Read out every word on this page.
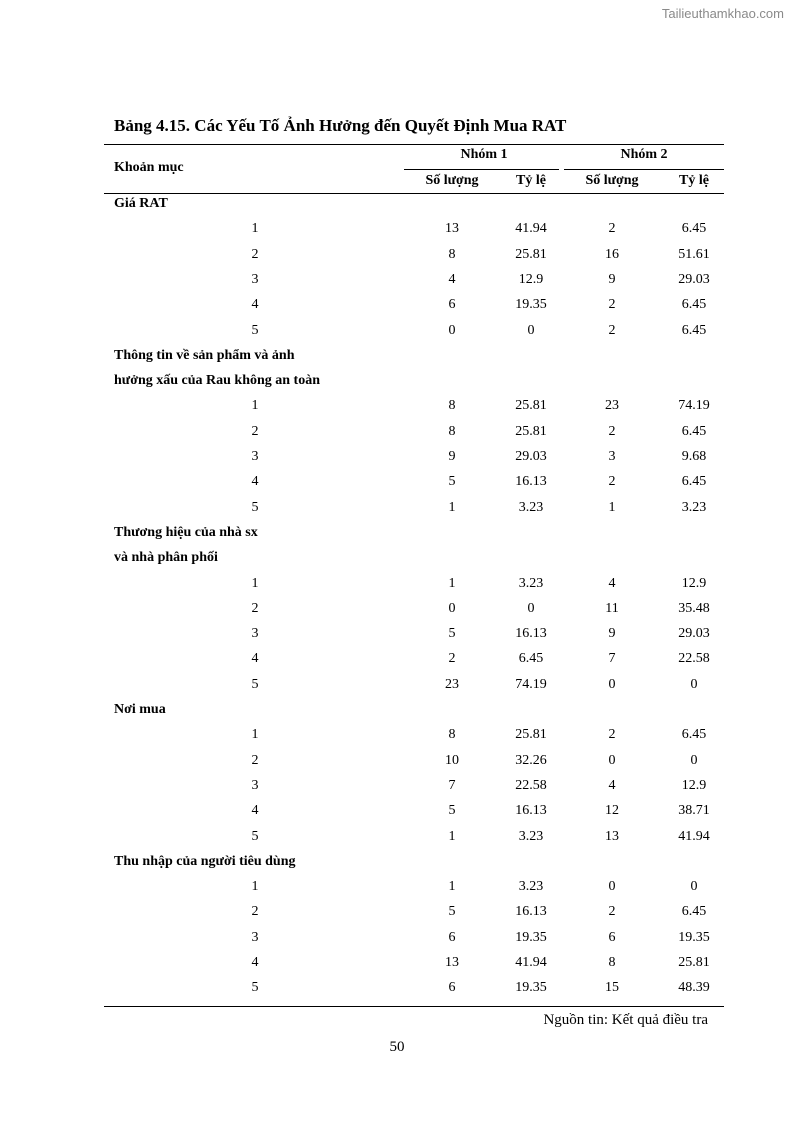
Tailieuthamkhao.com
Bảng 4.15. Các Yếu Tố Ảnh Hưởng đến Quyết Định Mua RAT
Khoản mục
Nhóm 1	Nhóm 2
Số lượng	Tỷ lệ	Số lượng	Tỷ lệ
Giá RAT
1	13	41.94	2	6.45
2	8	25.81	16	51.61
3	4	12.9	9	29.03
4	6	19.35	2	6.45
5	0	0	2	6.45
Thông tin về sản phẩm và ảnh
hưởng xấu của Rau không an toàn
1	8	25.81	23	74.19
2	8	25.81	2	6.45
3	9	29.03	3	9.68
4	5	16.13	2	6.45
5	1	3.23	1	3.23
Thương hiệu của nhà sx
và nhà phân phối
1	1	3.23	4	12.9
2	0	0	11	35.48
3	5	16.13	9	29.03
4	2	6.45	7	22.58
5	23	74.19	0	0
Nơi mua
1	8	25.81	2	6.45
2	10	32.26	0	0
3	7	22.58	4	12.9
4	5	16.13	12	38.71
5	1	3.23	13	41.94
Thu nhập của người tiêu dùng
1	1	3.23	0	0
2	5	16.13	2	6.45
3	6	19.35	6	19.35
4	13	41.94	8	25.81
5	6	19.35	15	48.39
Nguồn tin: Kết quả điều tra
50
